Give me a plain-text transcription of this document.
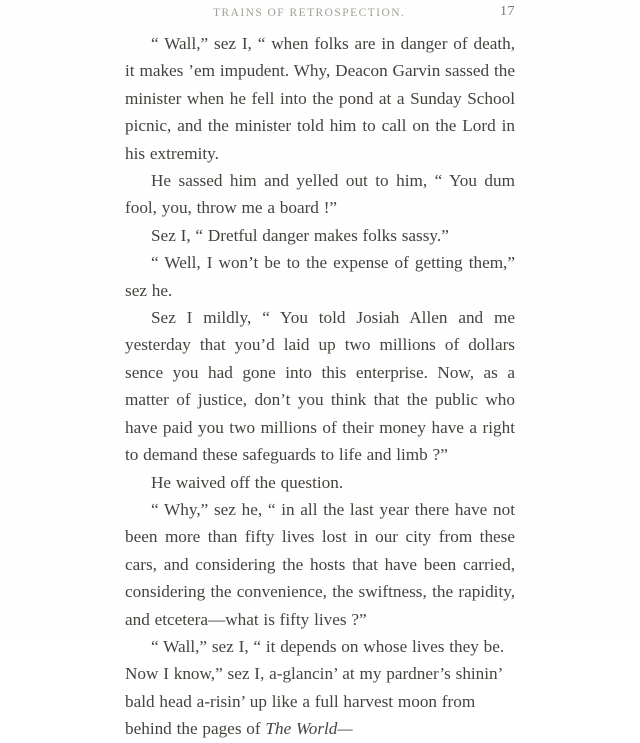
TRAINS OF RETROSPECTION.	17

“ Wall,” sez I, “ when folks are in danger of death, it makes ’em impudent. Why, Deacon Garvin sassed the minister when he fell into the pond at a Sunday School picnic, and the minister told him to call on the Lord in his extremity.

He sassed him and yelled out to him, “ You dum fool, you, throw me a board !”

Sez I, “ Dretful danger makes folks sassy.”

“ Well, I won’t be to the expense of getting them,” sez he.

Sez I mildly, “ You told Josiah Allen and me yesterday that you’d laid up two millions of dollars sence you had gone into this enterprise. Now, as a matter of justice, don’t you think that the public who have paid you two millions of their money have a right to demand these safeguards to life and limb ?”

He waived off the question.

“ Why,” sez he, “ in all the last year there have not been more than fifty lives lost in our city from these cars, and considering the hosts that have been carried, considering the convenience, the swiftness, the rapidity, and etcetera—what is fifty lives ?”

“ Wall,” sez I, “ it depends on whose lives they be. Now I know,” sez I, a-glancin’ at my pardner’s shinin’ bald head a-risin’ up like a full harvest moon from behind the pages of The World—
